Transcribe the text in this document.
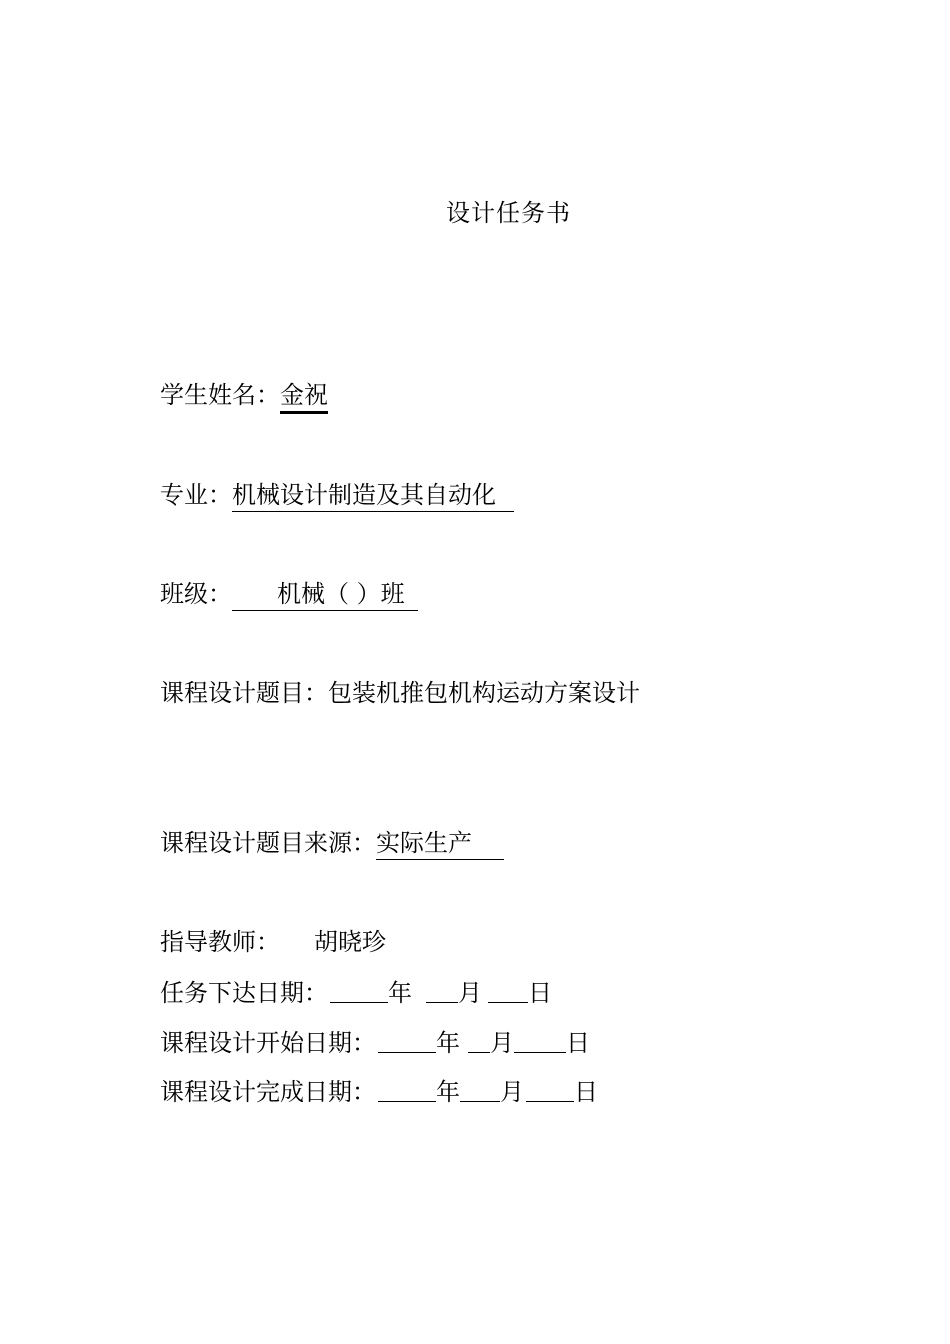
设计任务书
学生姓名：金祝
专业：机械设计制造及其自动化
班级： 机械（ ）班
课程设计题目：包装机推包机构运动方案设计
课程设计题目来源：实际生产
指导教师： 胡晓珍
任务下达日期：	年 月 日
课程设计开始日期：	年 月 日
课程设计完成日期：	年 月 日
